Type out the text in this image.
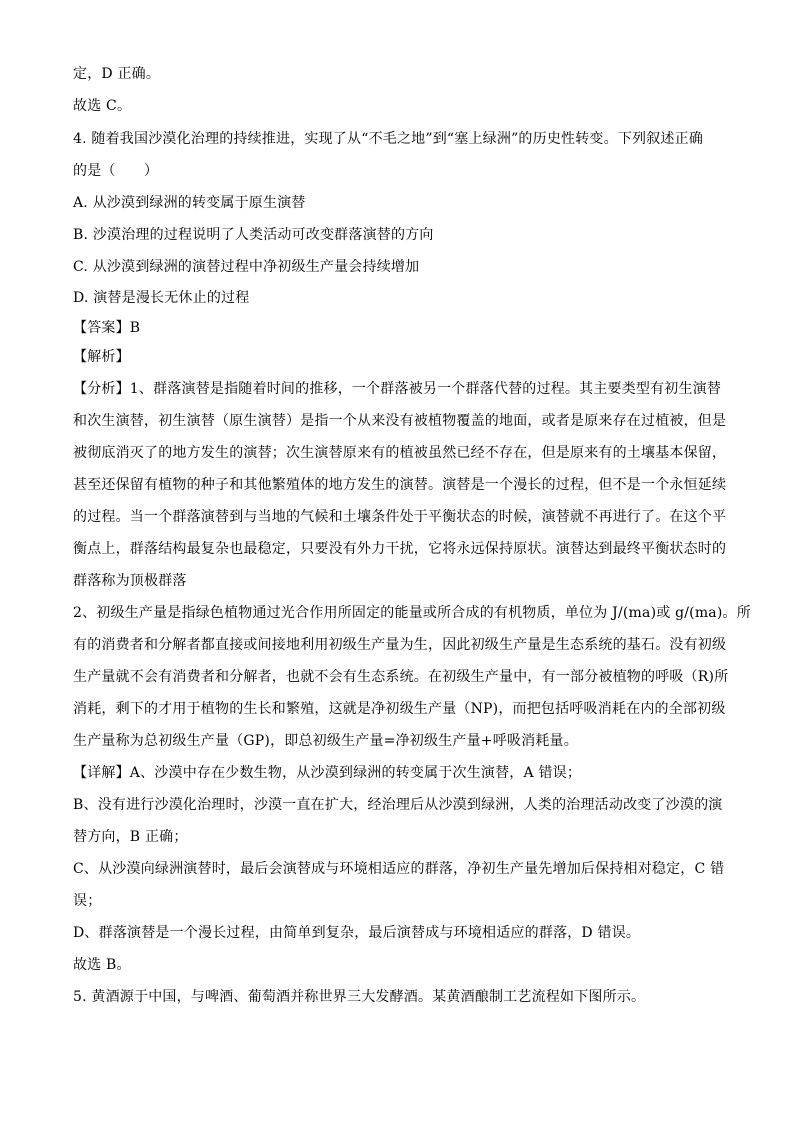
定，D 正确。
故选 C。
4. 随着我国沙漠化治理的持续推进，实现了从“不毛之地”到“塞上绿洲”的历史性转变。下列叙述正确
的是（　　）
A. 从沙漠到绿洲的转变属于原生演替
B. 沙漠治理的过程说明了人类活动可改变群落演替的方向
C. 从沙漠到绿洲的演替过程中净初级生产量会持续增加
D. 演替是漫长无休止的过程
【答案】B
【解析】
【分析】1、群落演替是指随着时间的推移，一个群落被另一个群落代替的过程。其主要类型有初生演替
和次生演替，初生演替（原生演替）是指一个从来没有被植物覆盖的地面，或者是原来存在过植被，但是
被彻底消灭了的地方发生的演替；次生演替原来有的植被虽然已经不存在，但是原来有的土壤基本保留，
甚至还保留有植物的种子和其他繁殖体的地方发生的演替。演替是一个漫长的过程，但不是一个永恒延续
的过程。当一个群落演替到与当地的气候和土壤条件处于平衡状态的时候，演替就不再进行了。在这个平
衡点上，群落结构最复杂也最稳定，只要没有外力干扰，它将永远保持原状。演替达到最终平衡状态时的
群落称为顶极群落
2、初级生产量是指绿色植物通过光合作用所固定的能量或所合成的有机物质，单位为 J/(ma)或 g/(ma)。所
有的消费者和分解者都直接或间接地利用初级生产量为生，因此初级生产量是生态系统的基石。没有初级
生产量就不会有消费者和分解者，也就不会有生态系统。在初级生产量中，有一部分被植物的呼吸（R)所
消耗，剩下的才用于植物的生长和繁殖，这就是净初级生产量（NP)，而把包括呼吸消耗在内的全部初级
生产量称为总初级生产量（GP)，即总初级生产量=净初级生产量+呼吸消耗量。
【详解】A、沙漠中存在少数生物，从沙漠到绿洲的转变属于次生演替，A 错误；
B、没有进行沙漠化治理时，沙漠一直在扩大，经治理后从沙漠到绿洲，人类的治理活动改变了沙漠的演
替方向，B 正确；
C、从沙漠向绿洲演替时，最后会演替成与环境相适应的群落，净初生产量先增加后保持相对稳定，C 错
误；
D、群落演替是一个漫长过程，由简单到复杂，最后演替成与环境相适应的群落，D 错误。
故选 B。
5. 黄酒源于中国，与啤酒、葡萄酒并称世界三大发酵酒。某黄酒酿制工艺流程如下图所示。
